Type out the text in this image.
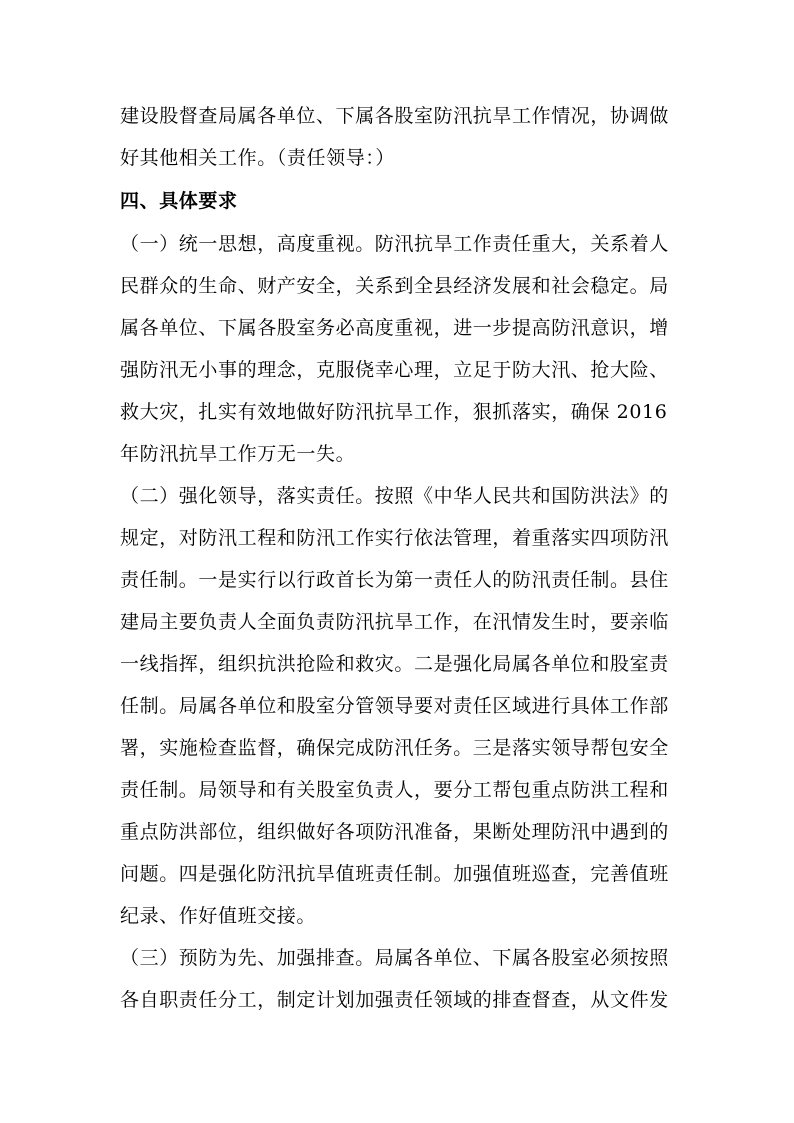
建设股督查局属各单位、下属各股室防汛抗旱工作情况，协调做
好其他相关工作。（责任领导：）
四、具体要求
（一）统一思想，高度重视。防汛抗旱工作责任重大，关系着人
民群众的生命、财产安全，关系到全县经济发展和社会稳定。局
属各单位、下属各股室务必高度重视，进一步提高防汛意识，增
强防汛无小事的理念，克服侥幸心理，立足于防大汛、抢大险、
救大灾，扎实有效地做好防汛抗旱工作，狠抓落实，确保 2016
年防汛抗旱工作万无一失。
（二）强化领导，落实责任。按照《中华人民共和国防洪法》的
规定，对防汛工程和防汛工作实行依法管理，着重落实四项防汛
责任制。一是实行以行政首长为第一责任人的防汛责任制。县住
建局主要负责人全面负责防汛抗旱工作，在汛情发生时，要亲临
一线指挥，组织抗洪抢险和救灾。二是强化局属各单位和股室责
任制。局属各单位和股室分管领导要对责任区域进行具体工作部
署，实施检查监督，确保完成防汛任务。三是落实领导帮包安全
责任制。局领导和有关股室负责人，要分工帮包重点防洪工程和
重点防洪部位，组织做好各项防汛准备，果断处理防汛中遇到的
问题。四是强化防汛抗旱值班责任制。加强值班巡查，完善值班
纪录、作好值班交接。
（三）预防为先、加强排查。局属各单位、下属各股室必须按照
各自职责任分工，制定计划加强责任领域的排查督查，从文件发
